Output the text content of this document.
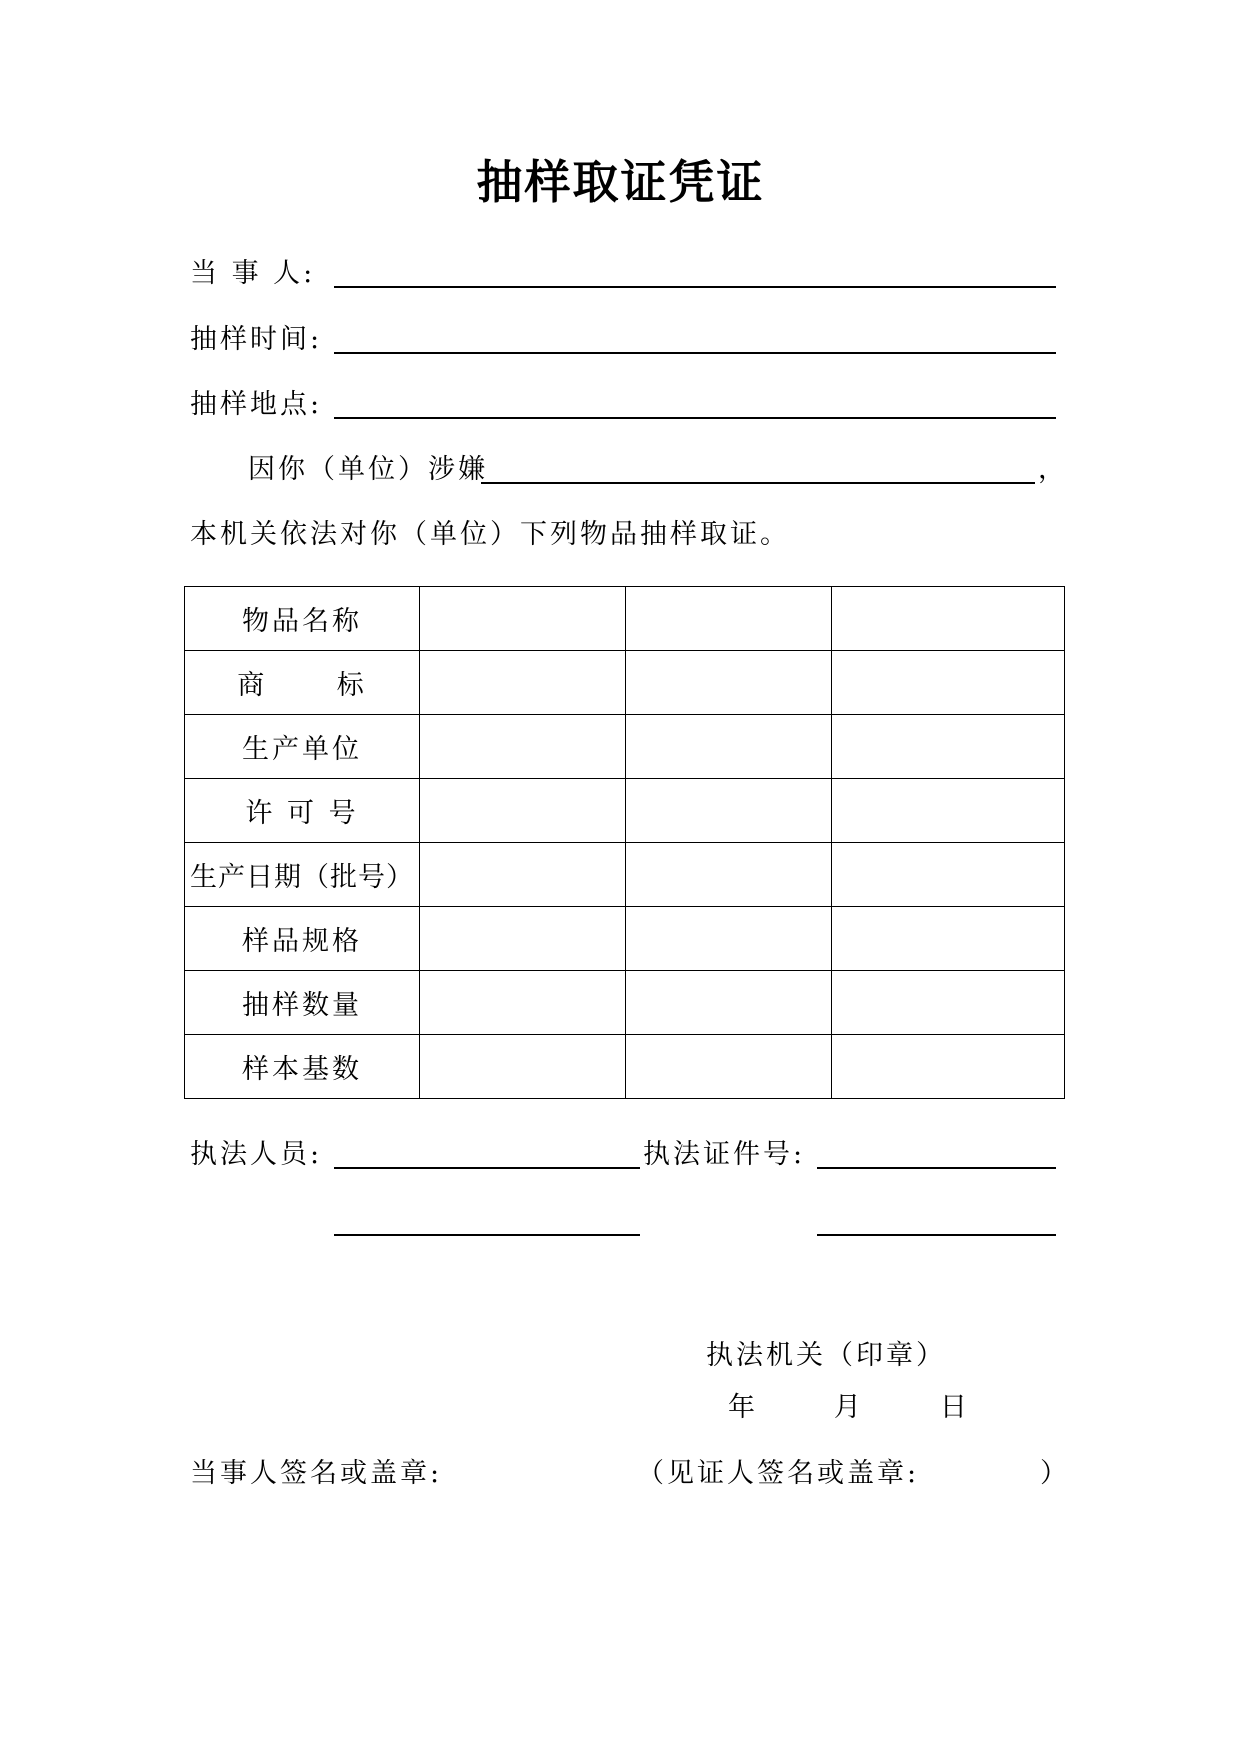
抽样取证凭证
当 事 人:
抽样时间:
抽样地点:
因你（单位）涉嫌	，
本机关依法对你（单位）下列物品抽样取证。
物品名称			
商      标			
生产单位			
许 可 号			
生产日期（批号）			
样品规格			
抽样数量			
样本基数			
执法人员:	执法证件号:
执法机关（印章）
年     月     日
当事人签名或盖章:	（见证人签名或盖章:	）
